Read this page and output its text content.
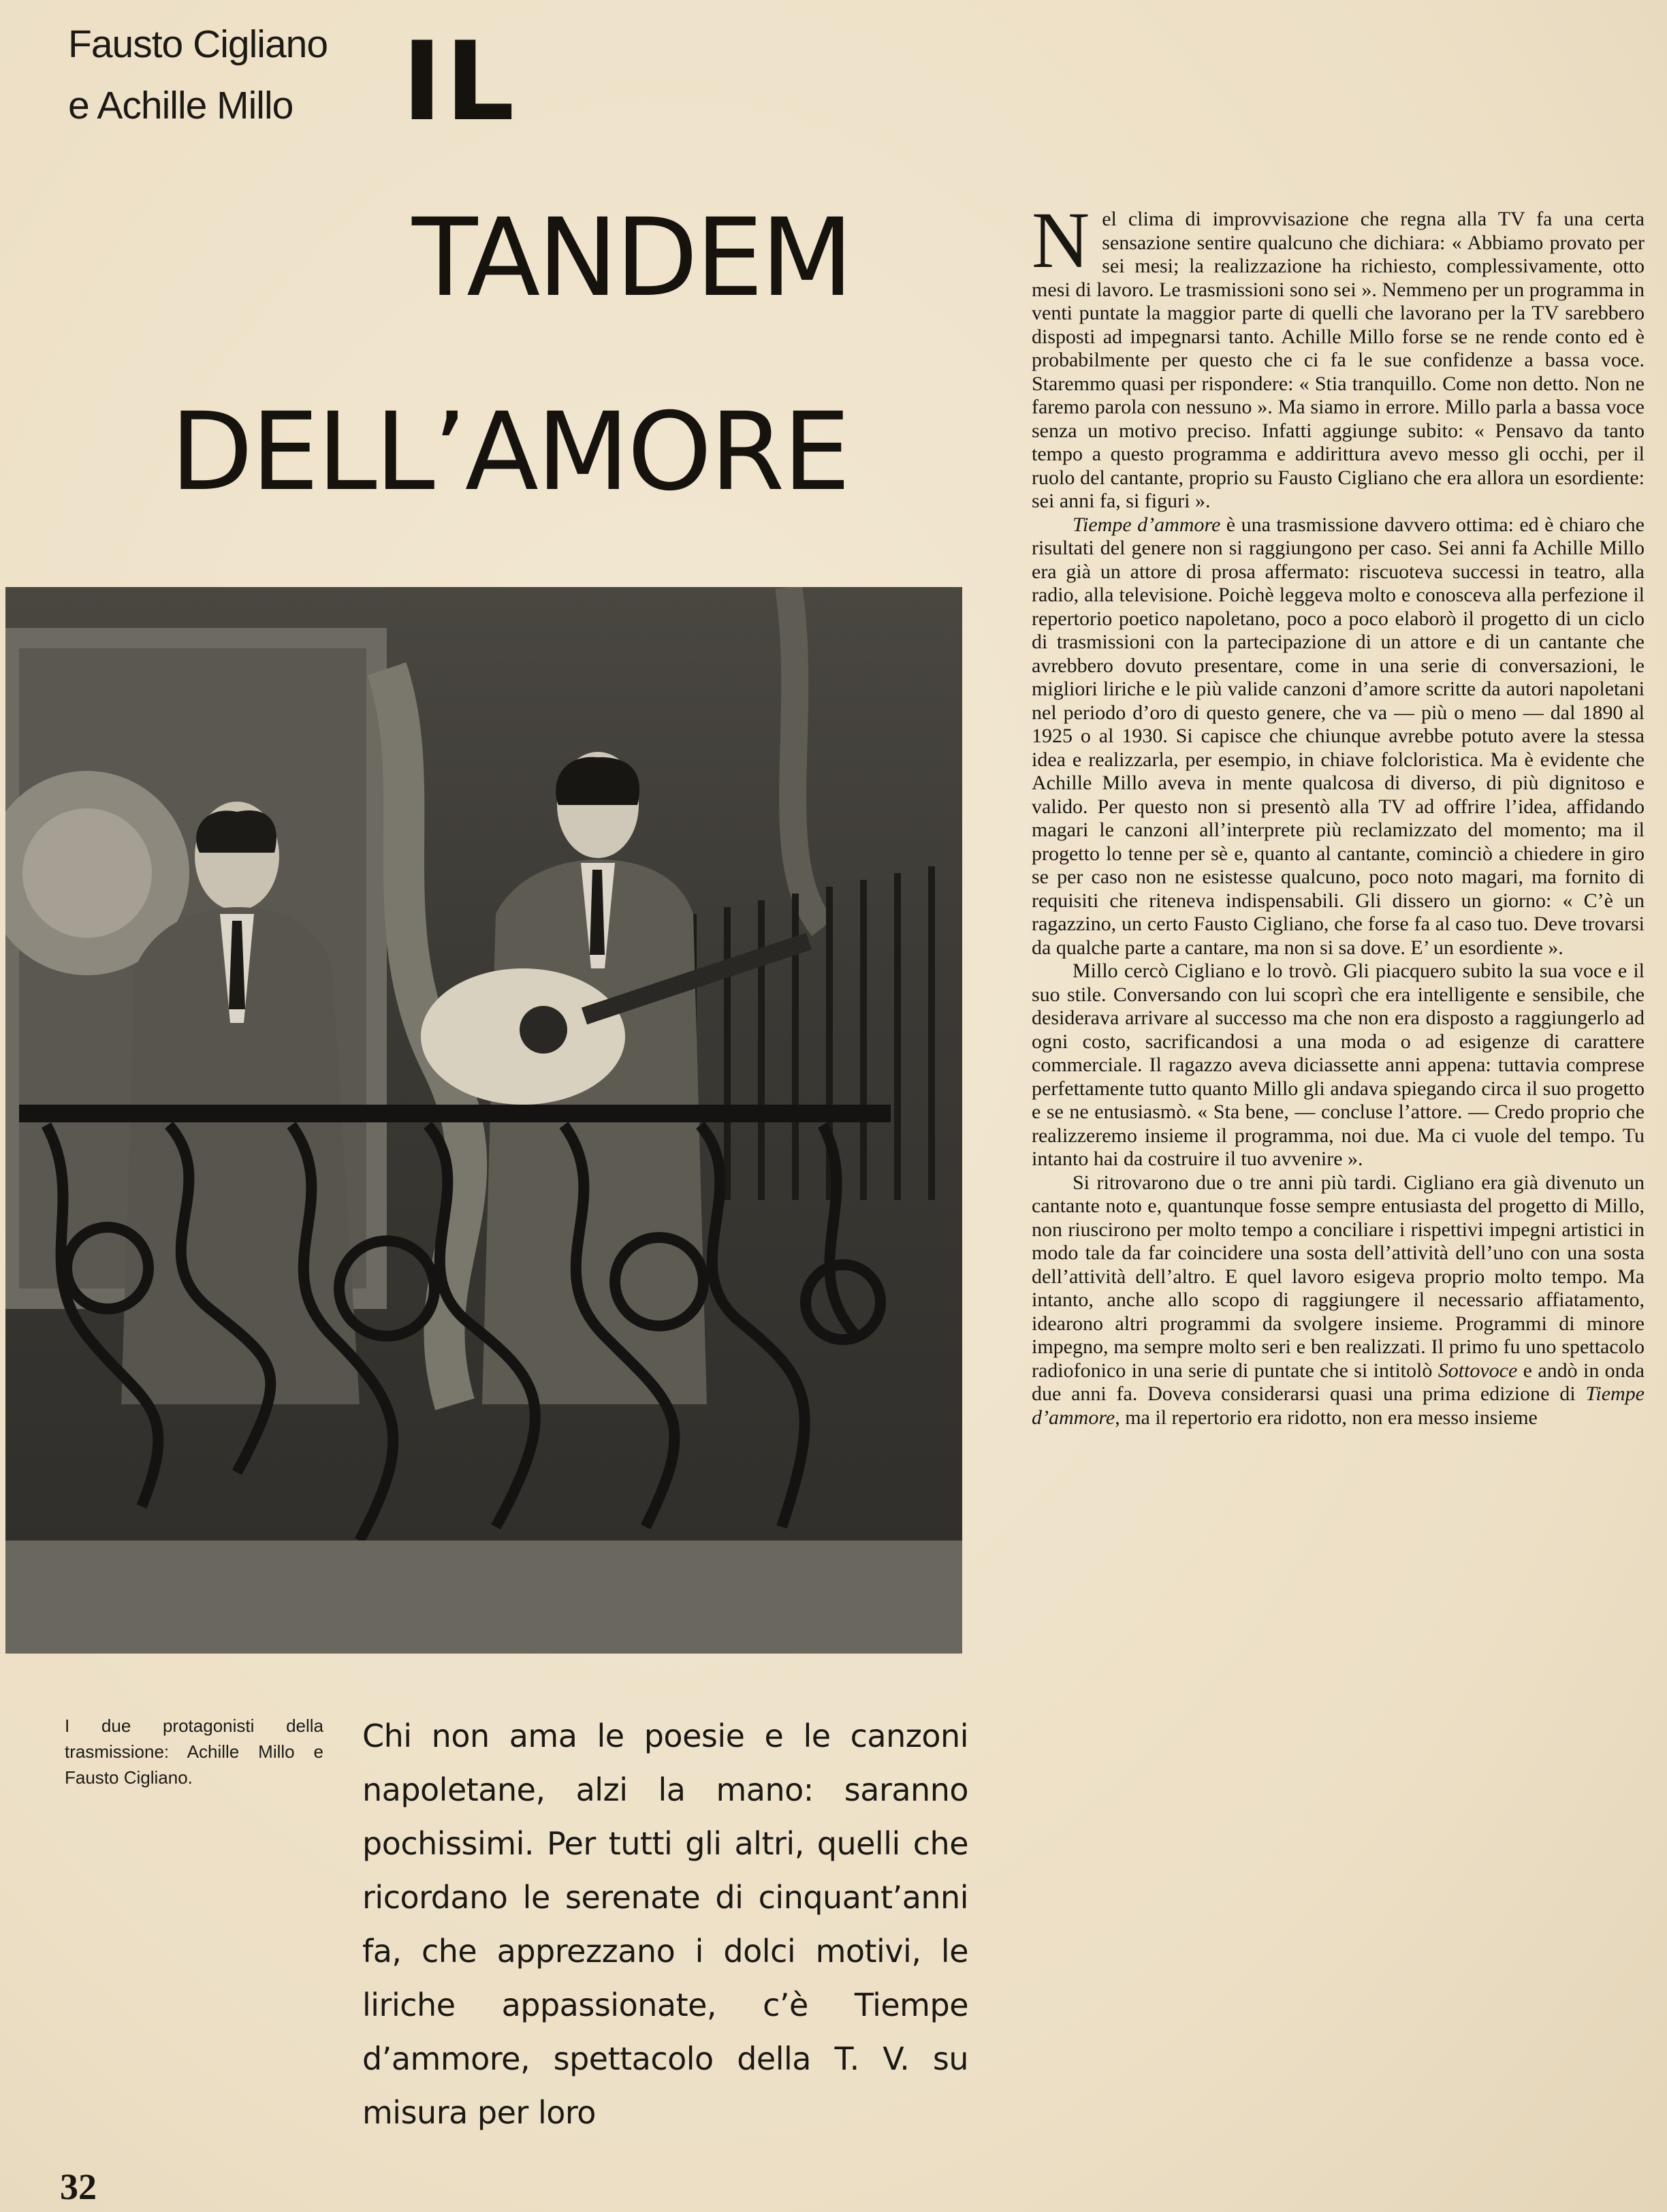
Fausto Cigliano
e Achille Millo IL
TANDEM
DELL’AMORE
I due protagonisti della trasmissione: Achille Millo e Fausto Cigliano.
Chi non ama le poesie e le canzoni napoletane, alzi la mano: saranno pochissimi. Per tutti gli altri, quelli che ricordano le serenate di cinquant’anni fa, che apprezzano i dolci motivi, le liriche appassionate, c’è Tiempe d’ammore, spettacolo della T. V. su misura per loro

Nel clima di improvvisazione che regna alla TV fa una certa sensazione sentire qualcuno che dichiara: « Abbiamo provato per sei mesi; la realizzazione ha richiesto, complessivamente, otto mesi di lavoro. Le trasmissioni sono sei ». Nemmeno per un programma in venti puntate la maggior parte di quelli che lavorano per la TV sarebbero disposti ad impegnarsi tanto. Achille Millo forse se ne rende conto ed è probabilmente per questo che ci fa le sue confidenze a bassa voce. Staremmo quasi per rispondere: « Stia tranquillo. Come non detto. Non ne faremo parola con nessuno ». Ma siamo in errore. Millo parla a bassa voce senza un motivo preciso. Infatti aggiunge subito: « Pensavo da tanto tempo a questo programma e addirittura avevo messo gli occhi, per il ruolo del cantante, proprio su Fausto Cigliano che era allora un esordiente: sei anni fa, si figuri ».

Tiempe d’ammore è una trasmissione davvero ottima: ed è chiaro che risultati del genere non si raggiungono per caso. Sei anni fa Achille Millo era già un attore di prosa affermato: riscuoteva successi in teatro, alla radio, alla televisione. Poichè leggeva molto e conosceva alla perfezione il repertorio poetico napoletano, poco a poco elaborò il progetto di un ciclo di trasmissioni con la partecipazione di un attore e di un cantante che avrebbero dovuto presentare, come in una serie di conversazioni, le migliori liriche e le più valide canzoni d’amore scritte da autori napoletani nel periodo d’oro di questo genere, che va — più o meno — dal 1890 al 1925 o al 1930. Si capisce che chiunque avrebbe potuto avere la stessa idea e realizzarla, per esempio, in chiave folcloristica. Ma è evidente che Achille Millo aveva in mente qualcosa di diverso, di più dignitoso e valido. Per questo non si presentò alla TV ad offrire l’idea, affidando magari le canzoni all’interprete più reclamizzato del momento; ma il progetto lo tenne per sè e, quanto al cantante, cominciò a chiedere in giro se per caso non ne esistesse qualcuno, poco noto magari, ma fornito di requisiti che riteneva indispensabili. Gli dissero un giorno: « C’è un ragazzino, un certo Fausto Cigliano, che forse fa al caso tuo. Deve trovarsi da qualche parte a cantare, ma non si sa dove. E’ un esordiente ».

Millo cercò Cigliano e lo trovò. Gli piacquero subito la sua voce e il suo stile. Conversando con lui scoprì che era intelligente e sensibile, che desiderava arrivare al successo ma che non era disposto a raggiungerlo ad ogni costo, sacrificandosi a una moda o ad esigenze di carattere commerciale. Il ragazzo aveva diciassette anni appena: tuttavia comprese perfettamente tutto quanto Millo gli andava spiegando circa il suo progetto e se ne entusiasmò. « Sta bene, — concluse l’attore. — Credo proprio che realizzeremo insieme il programma, noi due. Ma ci vuole del tempo. Tu intanto hai da costruire il tuo avvenire ».

Si ritrovarono due o tre anni più tardi. Cigliano era già divenuto un cantante noto e, quantunque fosse sempre entusiasta del progetto di Millo, non riuscirono per molto tempo a conciliare i rispettivi impegni artistici in modo tale da far coincidere una sosta dell’attività dell’uno con una sosta dell’attività dell’altro. E quel lavoro esigeva proprio molto tempo. Ma intanto, anche allo scopo di raggiungere il necessario affiatamento, idearono altri programmi da svolgere insieme. Programmi di minore impegno, ma sempre molto seri e ben realizzati. Il primo fu uno spettacolo radiofonico in una serie di puntate che si intitolò Sottovoce e andò in onda due anni fa. Doveva considerarsi quasi una prima edizione di Tiempe d’ammore, ma il repertorio era ridotto, non era messo insieme

32
